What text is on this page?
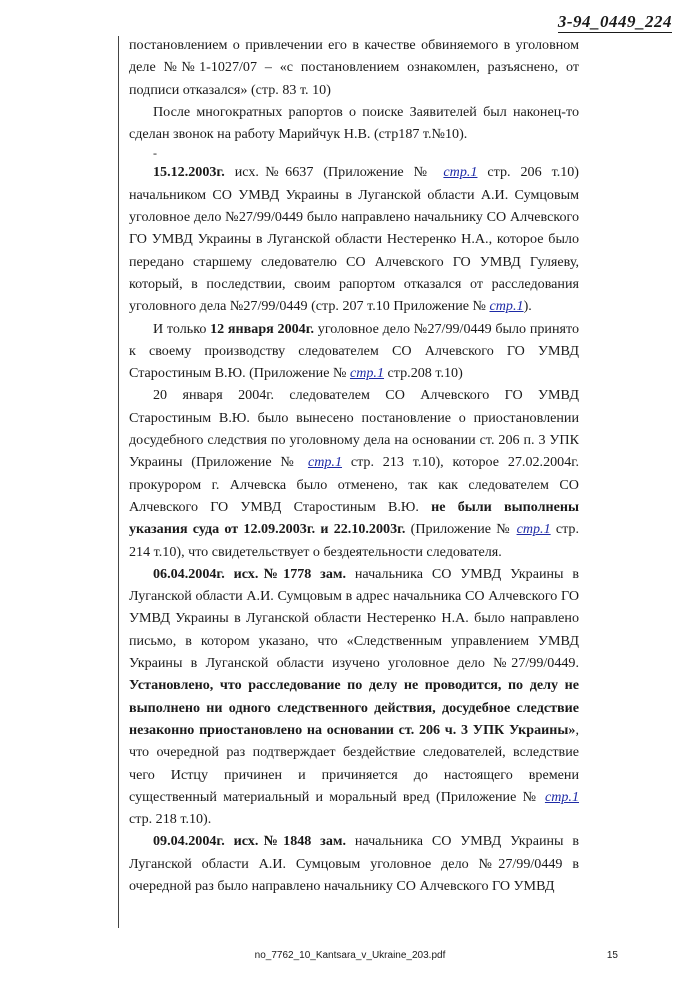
3-94_0449_224

постановлением о привлечении его в качестве обвиняемого в уголовном деле №№1-1027/07 – «с постановлением ознакомлен, разъяснено, от подписи отказался» (стр. 83 т. 10)

После многократных рапортов о поиске Заявителей был наконец-то сделан звонок на работу Марийчук Н.В. (стр187 т.№10).

-

15.12.2003г. исх.№6637 (Приложение № стр.1 стр. 206 т.10) начальником СО УМВД Украины в Луганской области А.И. Сумцовым уголовное дело №27/99/0449 было направлено начальнику СО Алчевского ГО УМВД Украины в Луганской области Нестеренко Н.А., которое было передано старшему следователю СО Алчевского ГО УМВД Гуляеву, который, в последствии, своим рапортом отказался от расследования уголовного дела №27/99/0449 (стр. 207 т.10 Приложение № стр.1).

И только 12 января 2004г. уголовное дело №27/99/0449 было принято к своему производству следователем СО Алчевского ГО УМВД Старостиным В.Ю. (Приложение № стр.1 стр.208 т.10)

20 января 2004г. следователем СО Алчевского ГО УМВД Старостиным В.Ю. было вынесено постановление о приостановлении досудебного следствия по уголовному дела на основании ст. 206 п. 3 УПК Украины (Приложение № стр.1 стр. 213 т.10), которое 27.02.2004г. прокурором г. Алчевска было отменено, так как следователем СО Алчевского ГО УМВД Старостиным В.Ю. не были выполнены указания суда от 12.09.2003г. и 22.10.2003г. (Приложение № стр.1 стр. 214 т.10), что свидетельствует о бездеятельности следователя.

06.04.2004г. исх.№1778 зам. начальника СО УМВД Украины в Луганской области А.И. Сумцовым в адрес начальника СО Алчевского ГО УМВД Украины в Луганской области Нестеренко Н.А. было направлено письмо, в котором указано, что «Следственным управлением УМВД Украины в Луганской области изучено уголовное дело №27/99/0449. Установлено, что расследование по делу не проводится, по делу не выполнено ни одного следственного действия, досудебное следствие незаконно приостановлено на основании ст. 206 ч. 3 УПК Украины», что очередной раз подтверждает бездействие следователей, вследствие чего Истцу причинен и причиняется до настоящего времени существенный материальный и моральный вред (Приложение № стр.1 стр. 218 т.10).

09.04.2004г. исх.№1848 зам. начальника СО УМВД Украины в Луганской области А.И. Сумцовым уголовное дело №27/99/0449 в очередной раз было направлено начальнику СО Алчевского ГО УМВД

no_7762_10_Kantsara_v_Ukraine_203.pdf	15
